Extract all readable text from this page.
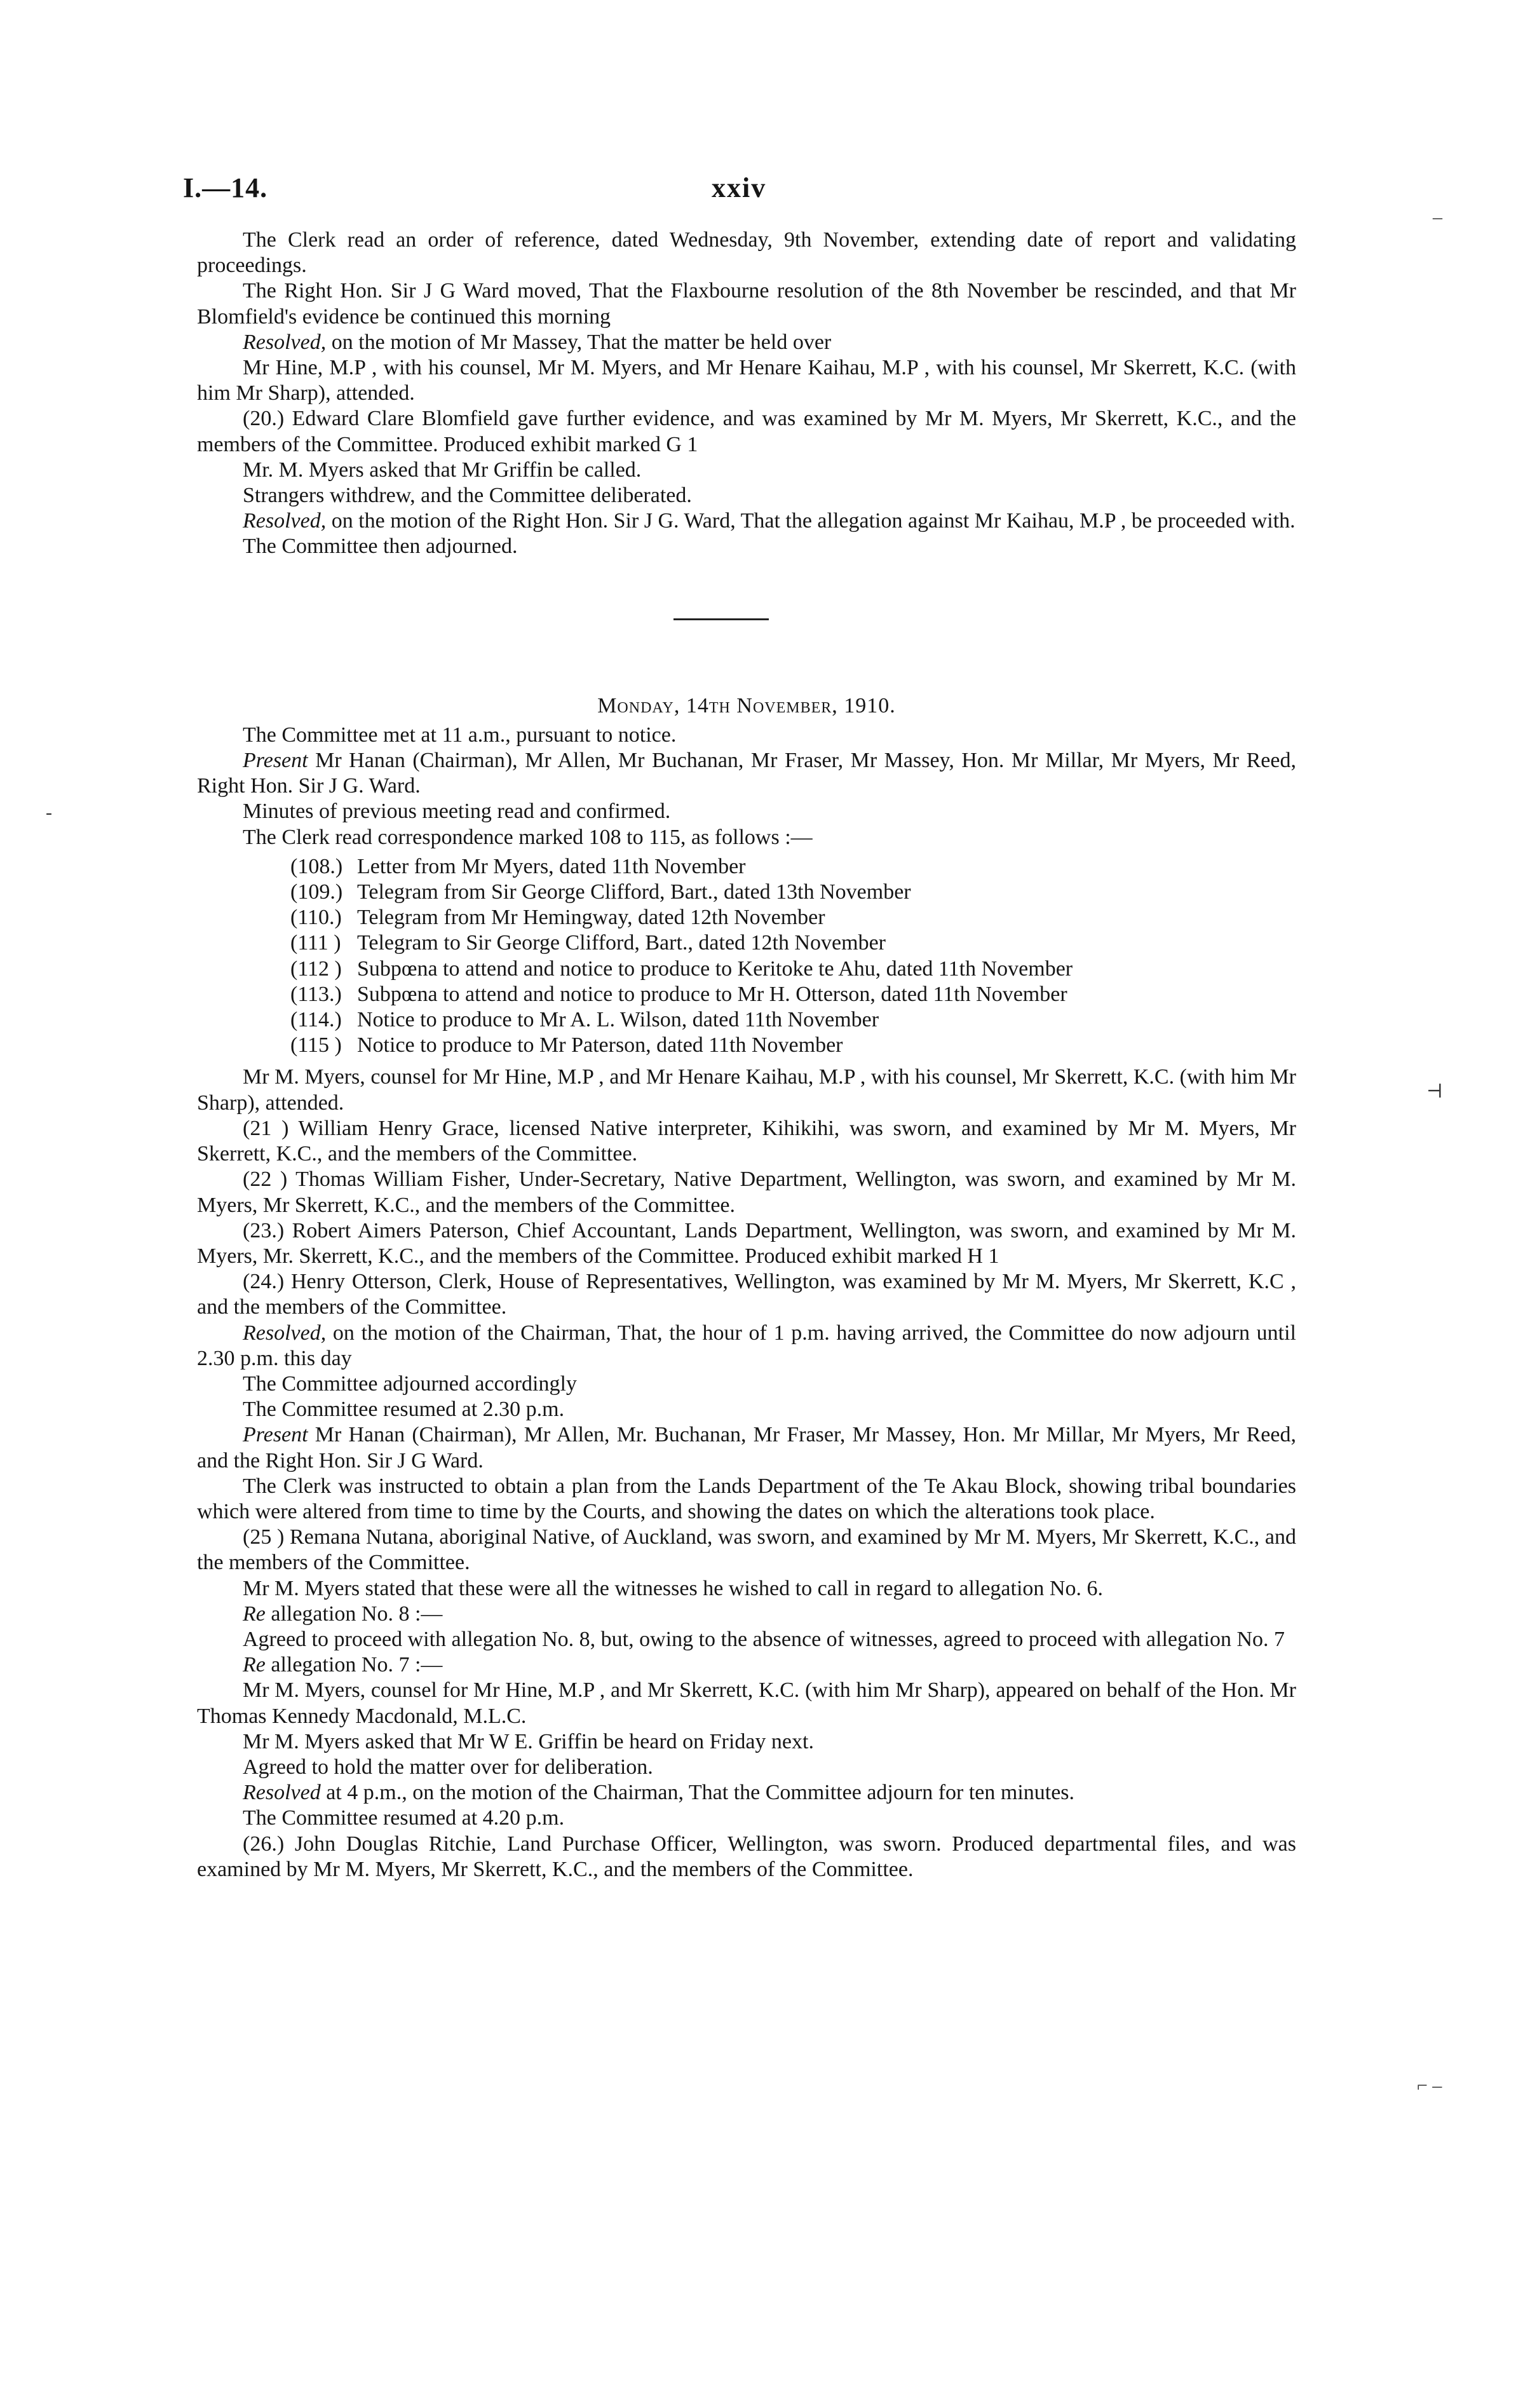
–
-
⊣
⌐ –
I.—14.	xxiv

The Clerk read an order of reference, dated Wednesday, 9th November, extending date of report and validating proceedings.

The Right Hon. Sir J G Ward moved, That the Flaxbourne resolution of the 8th November be rescinded, and that Mr Blomfield's evidence be continued this morning

Resolved, on the motion of Mr Massey, That the matter be held over

Mr Hine, M.P , with his counsel, Mr M. Myers, and Mr Henare Kaihau, M.P , with his counsel, Mr Skerrett, K.C. (with him Mr Sharp), attended.

(20.) Edward Clare Blomfield gave further evidence, and was examined by Mr M. Myers, Mr Skerrett, K.C., and the members of the Committee. Produced exhibit marked G 1

Mr. M. Myers asked that Mr Griffin be called.

Strangers withdrew, and the Committee deliberated.

Resolved, on the motion of the Right Hon. Sir J G. Ward, That the allegation against Mr Kaihau, M.P , be proceeded with.

The Committee then adjourned.

Monday, 14th November, 1910.

The Committee met at 11 a.m., pursuant to notice.

Present Mr Hanan (Chairman), Mr Allen, Mr Buchanan, Mr Fraser, Mr Massey, Hon. Mr Millar, Mr Myers, Mr Reed, Right Hon. Sir J G. Ward.

Minutes of previous meeting read and confirmed.

The Clerk read correspondence marked 108 to 115, as follows :—

(108.) Letter from Mr Myers, dated 11th November
(109.) Telegram from Sir George Clifford, Bart., dated 13th November
(110.) Telegram from Mr Hemingway, dated 12th November
(111 ) Telegram to Sir George Clifford, Bart., dated 12th November
(112 ) Subpœna to attend and notice to produce to Keritoke te Ahu, dated 11th November
(113.) Subpœna to attend and notice to produce to Mr H. Otterson, dated 11th November
(114.) Notice to produce to Mr A. L. Wilson, dated 11th November
(115 ) Notice to produce to Mr Paterson, dated 11th November

Mr M. Myers, counsel for Mr Hine, M.P , and Mr Henare Kaihau, M.P , with his counsel, Mr Skerrett, K.C. (with him Mr Sharp), attended.

(21 ) William Henry Grace, licensed Native interpreter, Kihikihi, was sworn, and examined by Mr M. Myers, Mr Skerrett, K.C., and the members of the Committee.

(22 ) Thomas William Fisher, Under-Secretary, Native Department, Wellington, was sworn, and examined by Mr M. Myers, Mr Skerrett, K.C., and the members of the Committee.

(23.) Robert Aimers Paterson, Chief Accountant, Lands Department, Wellington, was sworn, and examined by Mr M. Myers, Mr. Skerrett, K.C., and the members of the Committee. Produced exhibit marked H 1

(24.) Henry Otterson, Clerk, House of Representatives, Wellington, was examined by Mr M. Myers, Mr Skerrett, K.C , and the members of the Committee.

Resolved, on the motion of the Chairman, That, the hour of 1 p.m. having arrived, the Committee do now adjourn until 2.30 p.m. this day

The Committee adjourned accordingly

The Committee resumed at 2.30 p.m.

Present Mr Hanan (Chairman), Mr Allen, Mr. Buchanan, Mr Fraser, Mr Massey, Hon. Mr Millar, Mr Myers, Mr Reed, and the Right Hon. Sir J G Ward.

The Clerk was instructed to obtain a plan from the Lands Department of the Te Akau Block, showing tribal boundaries which were altered from time to time by the Courts, and showing the dates on which the alterations took place.

(25 ) Remana Nutana, aboriginal Native, of Auckland, was sworn, and examined by Mr M. Myers, Mr Skerrett, K.C., and the members of the Committee.

Mr M. Myers stated that these were all the witnesses he wished to call in regard to allegation No. 6.

Re allegation No. 8 :—

Agreed to proceed with allegation No. 8, but, owing to the absence of witnesses, agreed to proceed with allegation No. 7

Re allegation No. 7 :—

Mr M. Myers, counsel for Mr Hine, M.P , and Mr Skerrett, K.C. (with him Mr Sharp), appeared on behalf of the Hon. Mr Thomas Kennedy Macdonald, M.L.C.

Mr M. Myers asked that Mr W E. Griffin be heard on Friday next.

Agreed to hold the matter over for deliberation.

Resolved at 4 p.m., on the motion of the Chairman, That the Committee adjourn for ten minutes.

The Committee resumed at 4.20 p.m.

(26.) John Douglas Ritchie, Land Purchase Officer, Wellington, was sworn. Produced departmental files, and was examined by Mr M. Myers, Mr Skerrett, K.C., and the members of the Committee.
